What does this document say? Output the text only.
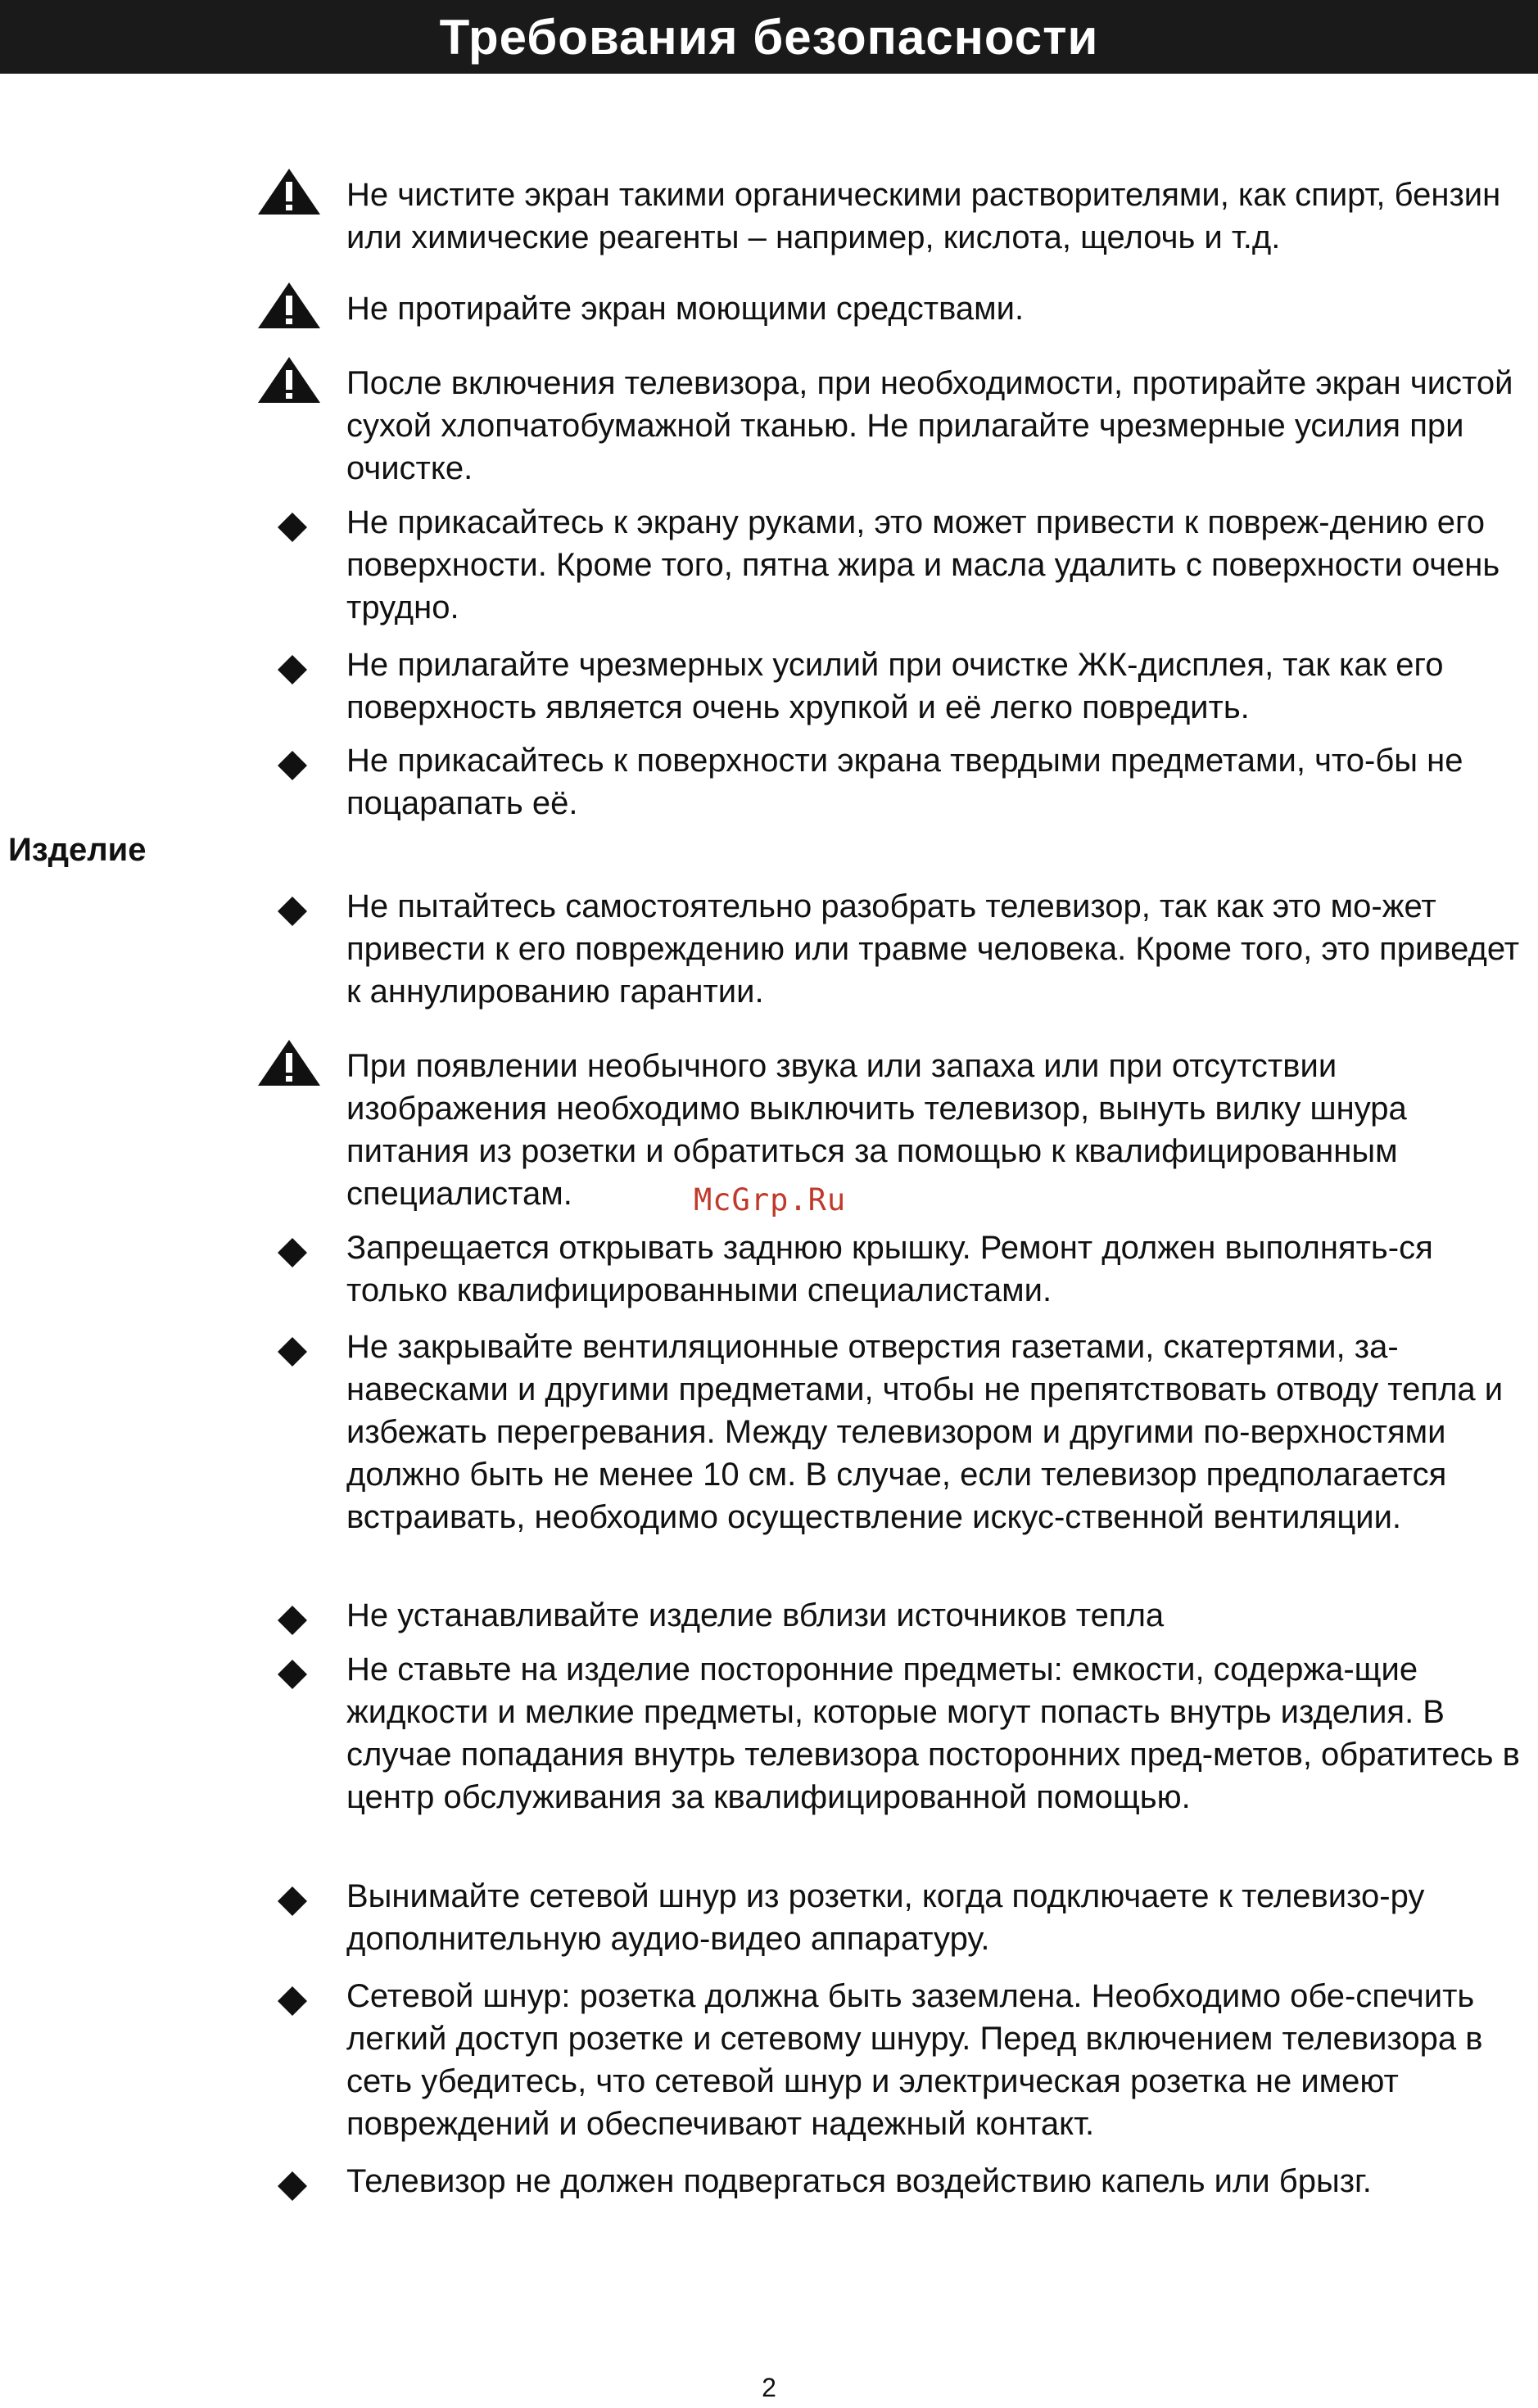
Требования безопасности
Изделие
Не чистите экран такими органическими растворителями, как спирт, бензин или химические реагенты – например, кислота, щелочь и т.д.
Не протирайте экран моющими средствами.
После включения телевизора, при необходимости, протирайте экран чистой сухой хлопчатобумажной тканью. Не прилагайте чрезмерные усилия при очистке.
Не прикасайтесь к экрану руками, это может привести к повреж-дению его поверхности. Кроме того, пятна жира и масла удалить с поверхности очень трудно.
Не прилагайте чрезмерных усилий при очистке ЖК-дисплея, так как его поверхность является очень хрупкой и её легко повредить.
Не прикасайтесь к поверхности экрана твердыми предметами, что-бы не поцарапать её.
Не пытайтесь самостоятельно разобрать телевизор, так как это мо-жет привести к его повреждению или травме человека. Кроме того, это приведет к аннулированию гарантии.
При появлении необычного звука или запаха или при отсутствии изображения необходимо выключить телевизор, вынуть вилку шнура питания из розетки и обратиться за помощью к квалифицированным специалистам.
Запрещается открывать заднюю крышку. Ремонт должен выполнять-ся только квалифицированными специалистами.
Не закрывайте вентиляционные отверстия газетами, скатертями, за-навесками и другими предметами, чтобы не препятствовать отводу тепла и избежать перегревания. Между телевизором и другими по-верхностями должно быть не менее 10 см. В случае, если телевизор предполагается встраивать, необходимо осуществление искус-ственной вентиляции.
Не устанавливайте изделие вблизи источников тепла
Не ставьте на изделие посторонние предметы: емкости, содержа-щие жидкости и мелкие предметы, которые могут попасть внутрь изделия. В случае попадания внутрь телевизора посторонних пред-метов, обратитесь в центр обслуживания за квалифицированной помощью.
Вынимайте сетевой шнур из розетки, когда подключаете к телевизо-ру дополнительную аудио-видео аппаратуру.
Сетевой шнур: розетка должна быть заземлена. Необходимо обе-спечить легкий доступ розетке и сетевому шнуру. Перед включением телевизора в сеть убедитесь, что сетевой шнур и электрическая розетка не имеют повреждений и обеспечивают надежный контакт.
Телевизор не должен подвергаться воздействию капель или брызг.
McGrp.Ru
2
